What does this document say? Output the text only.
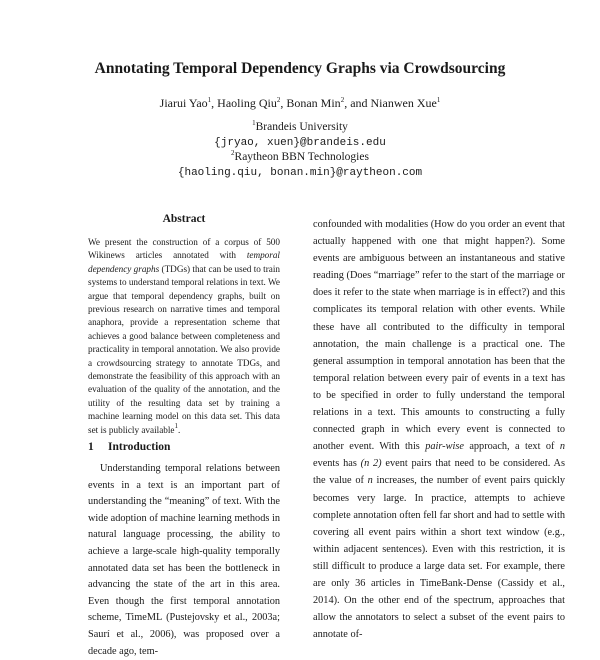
Annotating Temporal Dependency Graphs via Crowdsourcing
Jiarui Yao$^1$, Haoling Qiu$^2$, Bonan Min$^2$, and Nianwen Xue$^1$
$^1$Brandeis University
{jryao, xuen}@brandeis.edu
$^2$Raytheon BBN Technologies
{haoling.qiu, bonan.min}@raytheon.com
Abstract
We present the construction of a corpus of 500 Wikinews articles annotated with temporal dependency graphs (TDGs) that can be used to train systems to understand temporal relations in text. We argue that temporal dependency graphs, built on previous research on narrative times and temporal anaphora, provide a representation scheme that achieves a good balance between completeness and practicality in temporal annotation. We also provide a crowdsourcing strategy to annotate TDGs, and demonstrate the feasibility of this approach with an evaluation of the quality of the annotation, and the utility of the resulting data set by training a machine learning model on this data set. This data set is publicly available$^1$.
1 Introduction
Understanding temporal relations between events in a text is an important part of understanding the “meaning” of text. With the wide adoption of machine learning methods in natural language processing, the ability to achieve a large-scale high-quality temporally annotated data set has been the bottleneck in advancing the state of the art in this area. Even though the first temporal annotation scheme, TimeML (Pustejovsky et al., 2003a; Saurí et al., 2006), was proposed over a decade ago, tem-
confounded with modalities (How do you order an event that actually happened with one that might happen?). Some events are ambiguous between an instantaneous and stative reading (Does “marriage” refer to the start of the marriage or does it refer to the state when marriage is in effect?) and this complicates its temporal relation with other events. While these have all contributed to the difficulty in temporal annotation, the main challenge is a practical one. The general assumption in temporal annotation has been that the temporal relation between every pair of events in a text has to be specified in order to fully understand the temporal relations in a text. This amounts to constructing a fully connected graph in which every event is connected to another event. With this pair-wise approach, a text of n events has (n 2) event pairs that need to be considered. As the value of n increases, the number of event pairs quickly becomes very large. In practice, attempts to achieve complete annotation often fell far short and had to settle with covering all event pairs within a short text window (e.g., within adjacent sentences). Even with this restriction, it is still difficult to produce a large data set. For example, there are only 36 articles in TimeBank-Dense (Cassidy et al., 2014). On the other end of the spectrum, approaches that allow the annotators to select a subset of the event pairs to annotate of-
